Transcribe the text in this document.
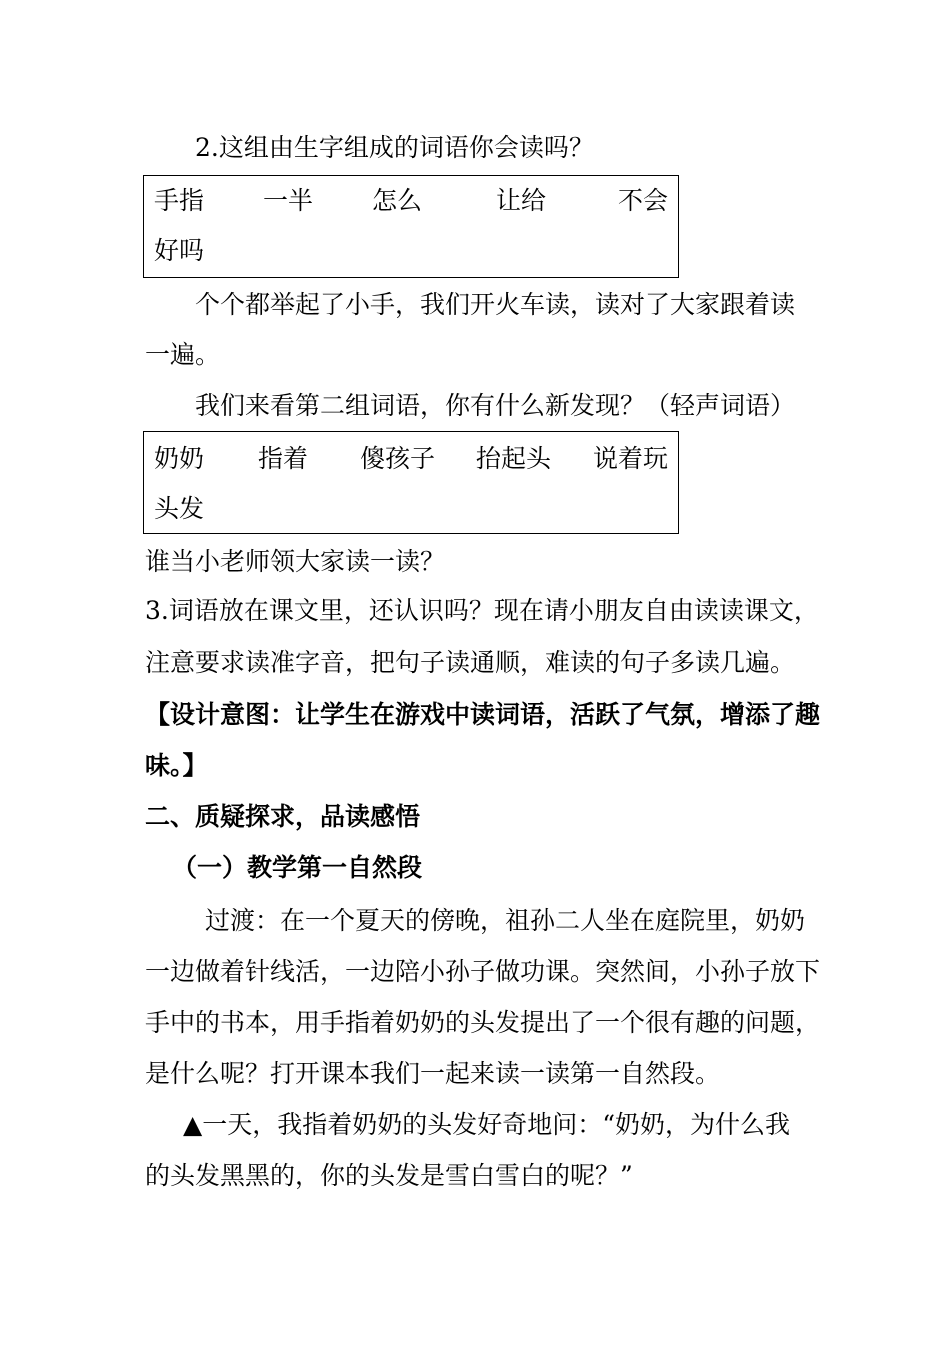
2.这组由生字组成的词语你会读吗？
手指 一半 怎么	让给	不会
好吗
个个都举起了小手，我们开火车读，读对了大家跟着读
一遍。
我们来看第二组词语，你有什么新发现？（轻声词语）
奶奶 指着 傻孩子 抬起头 说着玩
头发
谁当小老师领大家读一读？
3.词语放在课文里，还认识吗？现在请小朋友自由读读课文，
注意要求读准字音，把句子读通顺，难读的句子多读几遍。
【设计意图：让学生在游戏中读词语，活跃了气氛，增添了趣
味。】
二、质疑探求，品读感悟
（一）教学第一自然段
过渡：在一个夏天的傍晚，祖孙二人坐在庭院里，奶奶
一边做着针线活，一边陪小孙子做功课。突然间，小孙子放下
手中的书本，用手指着奶奶的头发提出了一个很有趣的问题，
是什么呢？打开课本我们一起来读一读第一自然段。
▲一天，我指着奶奶的头发好奇地问：“奶奶，为什么我
的头发黑黑的，你的头发是雪白雪白的呢？”
